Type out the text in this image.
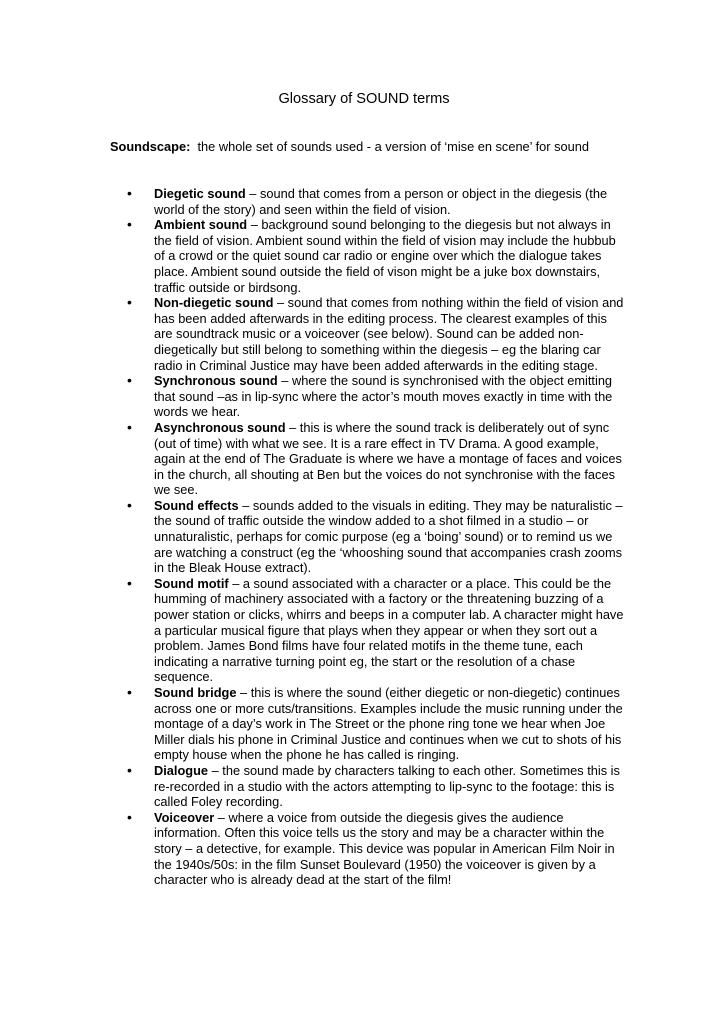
Glossary of SOUND terms

Soundscape: the whole set of sounds used - a version of ‘mise en scene’ for sound

• Diegetic sound – sound that comes from a person or object in the diegesis (the world of the story) and seen within the field of vision.
• Ambient sound – background sound belonging to the diegesis but not always in the field of vision. Ambient sound within the field of vision may include the hubbub of a crowd or the quiet sound car radio or engine over which the dialogue takes place. Ambient sound outside the field of vison might be a juke box downstairs, traffic outside or birdsong.
• Non-diegetic sound – sound that comes from nothing within the field of vision and has been added afterwards in the editing process. The clearest examples of this are soundtrack music or a voiceover (see below). Sound can be added non-diegetically but still belong to something within the diegesis – eg the blaring car radio in Criminal Justice may have been added afterwards in the editing stage.
• Synchronous sound – where the sound is synchronised with the object emitting that sound –as in lip-sync where the actor’s mouth moves exactly in time with the words we hear.
• Asynchronous sound – this is where the sound track is deliberately out of sync (out of time) with what we see. It is a rare effect in TV Drama. A good example, again at the end of The Graduate is where we have a montage of faces and voices in the church, all shouting at Ben but the voices do not synchronise with the faces we see.
• Sound effects – sounds added to the visuals in editing. They may be naturalistic – the sound of traffic outside the window added to a shot filmed in a studio – or unnaturalistic, perhaps for comic purpose (eg a ‘boing’ sound) or to remind us we are watching a construct (eg the ‘whooshing sound that accompanies crash zooms in the Bleak House extract).
• Sound motif – a sound associated with a character or a place. This could be the humming of machinery associated with a factory or the threatening buzzing of a power station or clicks, whirrs and beeps in a computer lab. A character might have a particular musical figure that plays when they appear or when they sort out a problem. James Bond films have four related motifs in the theme tune, each indicating a narrative turning point eg, the start or the resolution of a chase sequence.
• Sound bridge – this is where the sound (either diegetic or non-diegetic) continues across one or more cuts/transitions. Examples include the music running under the montage of a day’s work in The Street or the phone ring tone we hear when Joe Miller dials his phone in Criminal Justice and continues when we cut to shots of his empty house when the phone he has called is ringing.
• Dialogue – the sound made by characters talking to each other. Sometimes this is re-recorded in a studio with the actors attempting to lip-sync to the footage: this is called Foley recording.
• Voiceover – where a voice from outside the diegesis gives the audience information. Often this voice tells us the story and may be a character within the story – a detective, for example. This device was popular in American Film Noir in the 1940s/50s: in the film Sunset Boulevard (1950) the voiceover is given by a character who is already dead at the start of the film!
